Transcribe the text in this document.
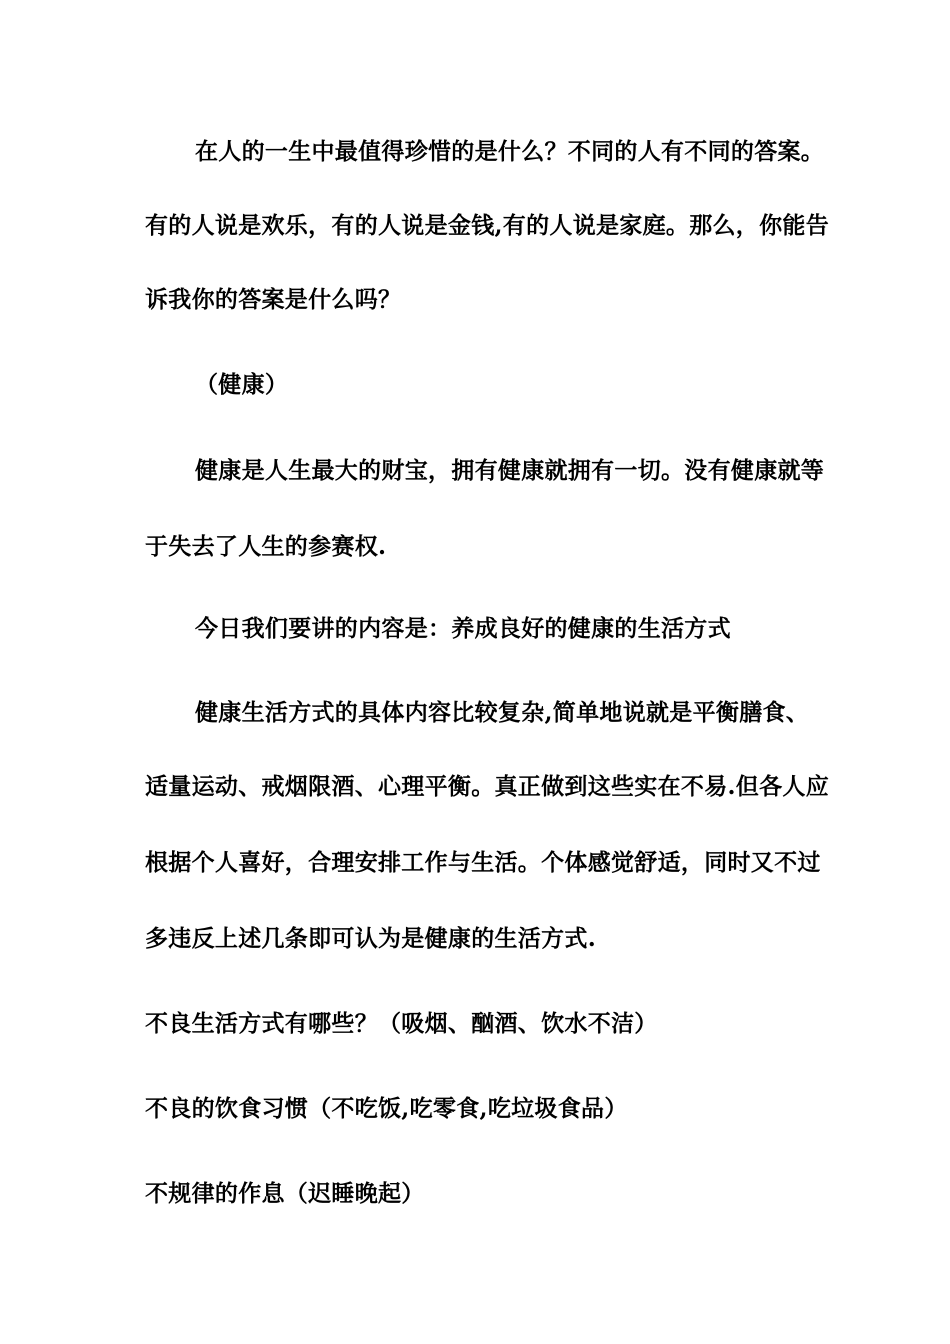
在人的一生中最值得珍惜的是什么？不同的人有不同的答案。
有的人说是欢乐，有的人说是金钱,有的人说是家庭。那么，你能告
诉我你的答案是什么吗？
（健康）
健康是人生最大的财宝，拥有健康就拥有一切。没有健康就等
于失去了人生的参赛权.
今日我们要讲的内容是：养成良好的健康的生活方式
健康生活方式的具体内容比较复杂,简单地说就是平衡膳食、
适量运动、戒烟限酒、心理平衡。真正做到这些实在不易.但各人应
根据个人喜好，合理安排工作与生活。个体感觉舒适，同时又不过
多违反上述几条即可认为是健康的生活方式.
不良生活方式有哪些？（吸烟、酗酒、饮水不洁）
不良的饮食习惯（不吃饭,吃零食,吃垃圾食品）
不规律的作息（迟睡晚起）
